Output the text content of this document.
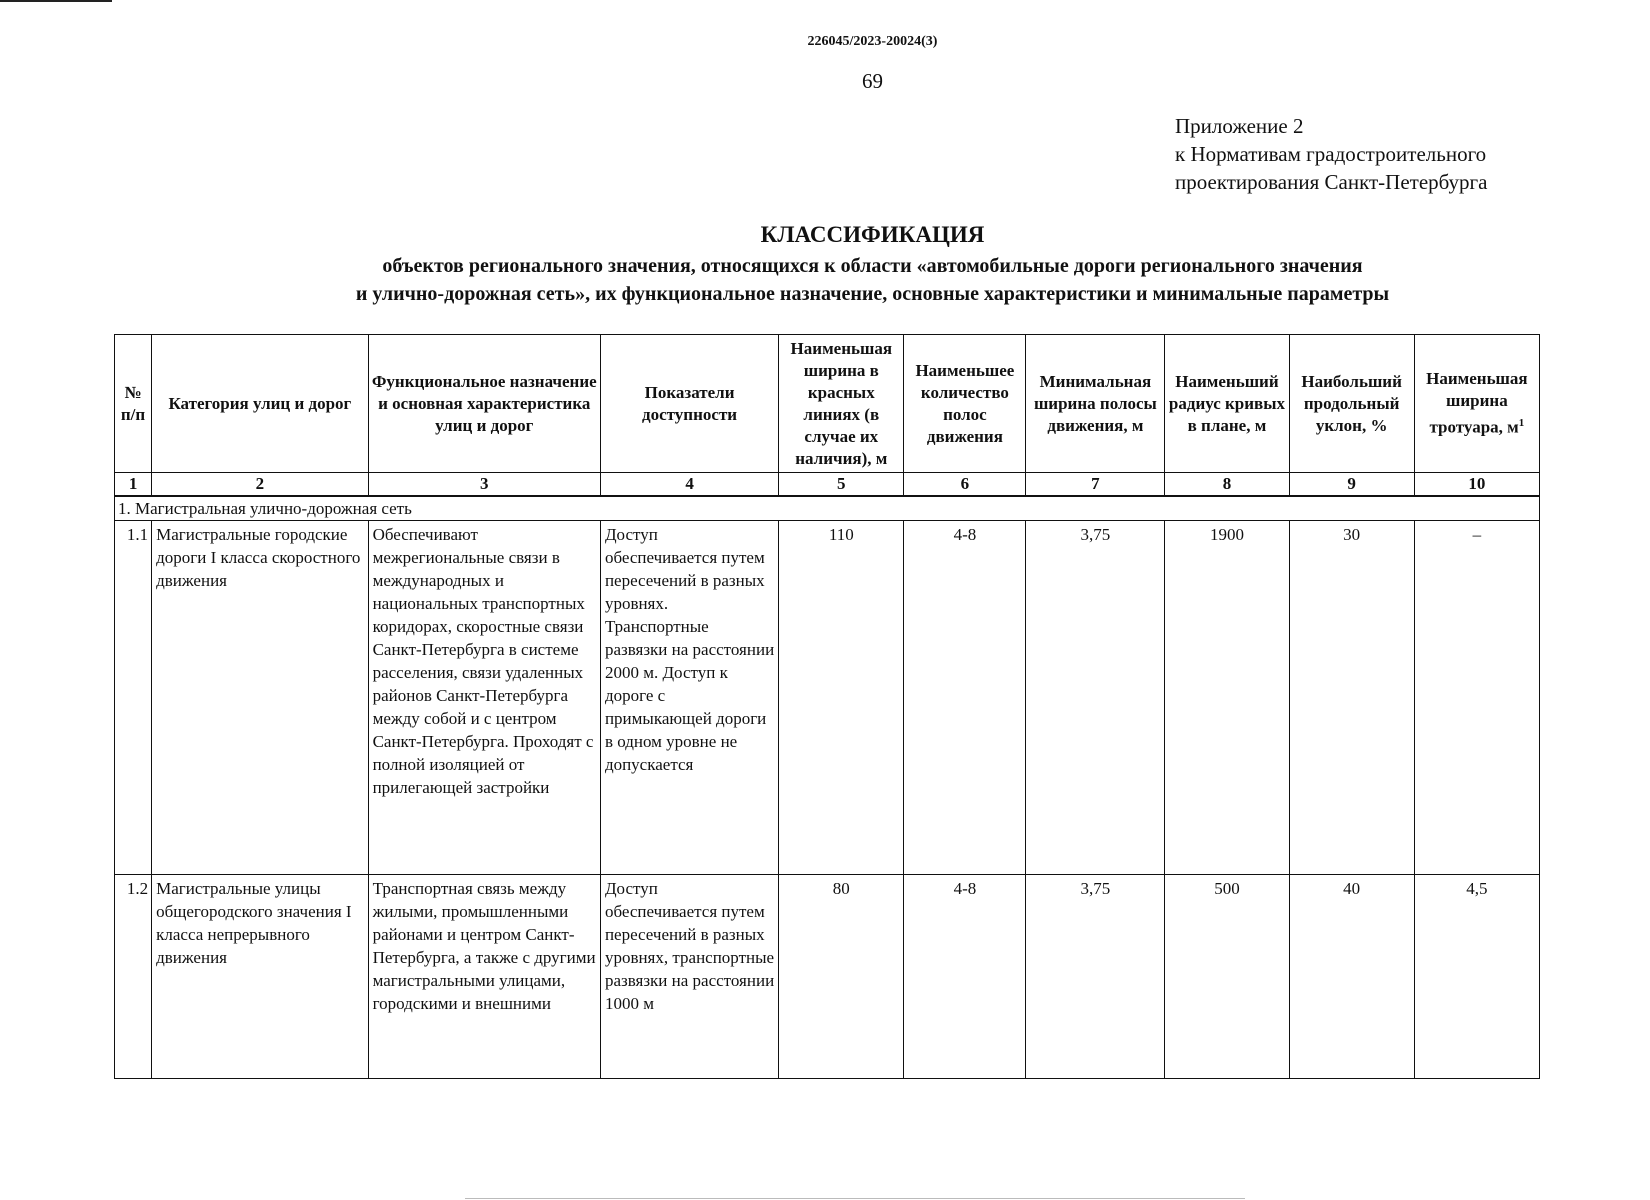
226045/2023-20024(3)
69
Приложение 2
к Нормативам градостроительного
проектирования Санкт-Петербурга
КЛАССИФИКАЦИЯ
объектов регионального значения, относящихся к области «автомобильные дороги регионального значения
и улично-дорожная сеть», их функциональное назначение, основные характеристики и минимальные параметры
№ п/п	Категория улиц и дорог	Функциональное назначение и основная характеристика улиц и дорог	Показатели доступности	Наименьшая ширина в красных линиях (в случае их наличия), м	Наименьшее количество полос движения	Минимальная ширина полосы движения, м	Наименьший радиус кривых в плане, м	Наибольший продольный уклон, %	Наименьшая ширина тротуара, $м^1$
1	2	3	4	5	6	7	8	9	10
1. Магистральная улично-дорожная сеть									
1.1	Магистральные городские дороги I класса скоростного движения	Обеспечивают межрегиональные связи в международных и национальных транспортных коридорах, скоростные связи Санкт-Петербурга в системе расселения, связи удаленных районов Санкт-Петербурга между собой и с центром Санкт-Петербурга. Проходят с полной изоляцией от прилегающей застройки	Доступ обеспечивается путем пересечений в разных уровнях. Транспортные развязки на расстоянии 2000 м. Доступ к дороге с примыкающей дороги в одном уровне не допускается	110	4-8	3,75	1900	30	–
1.2	Магистральные улицы общегородского значения I класса непрерывного движения	Транспортная связь между жилыми, промышленными районами и центром Санкт-Петербурга, а также с другими магистральными улицами, городскими и внешними	Доступ обеспечивается путем пересечений в разных уровнях, транспортные развязки на расстоянии 1000 м	80	4-8	3,75	500	40	4,5
